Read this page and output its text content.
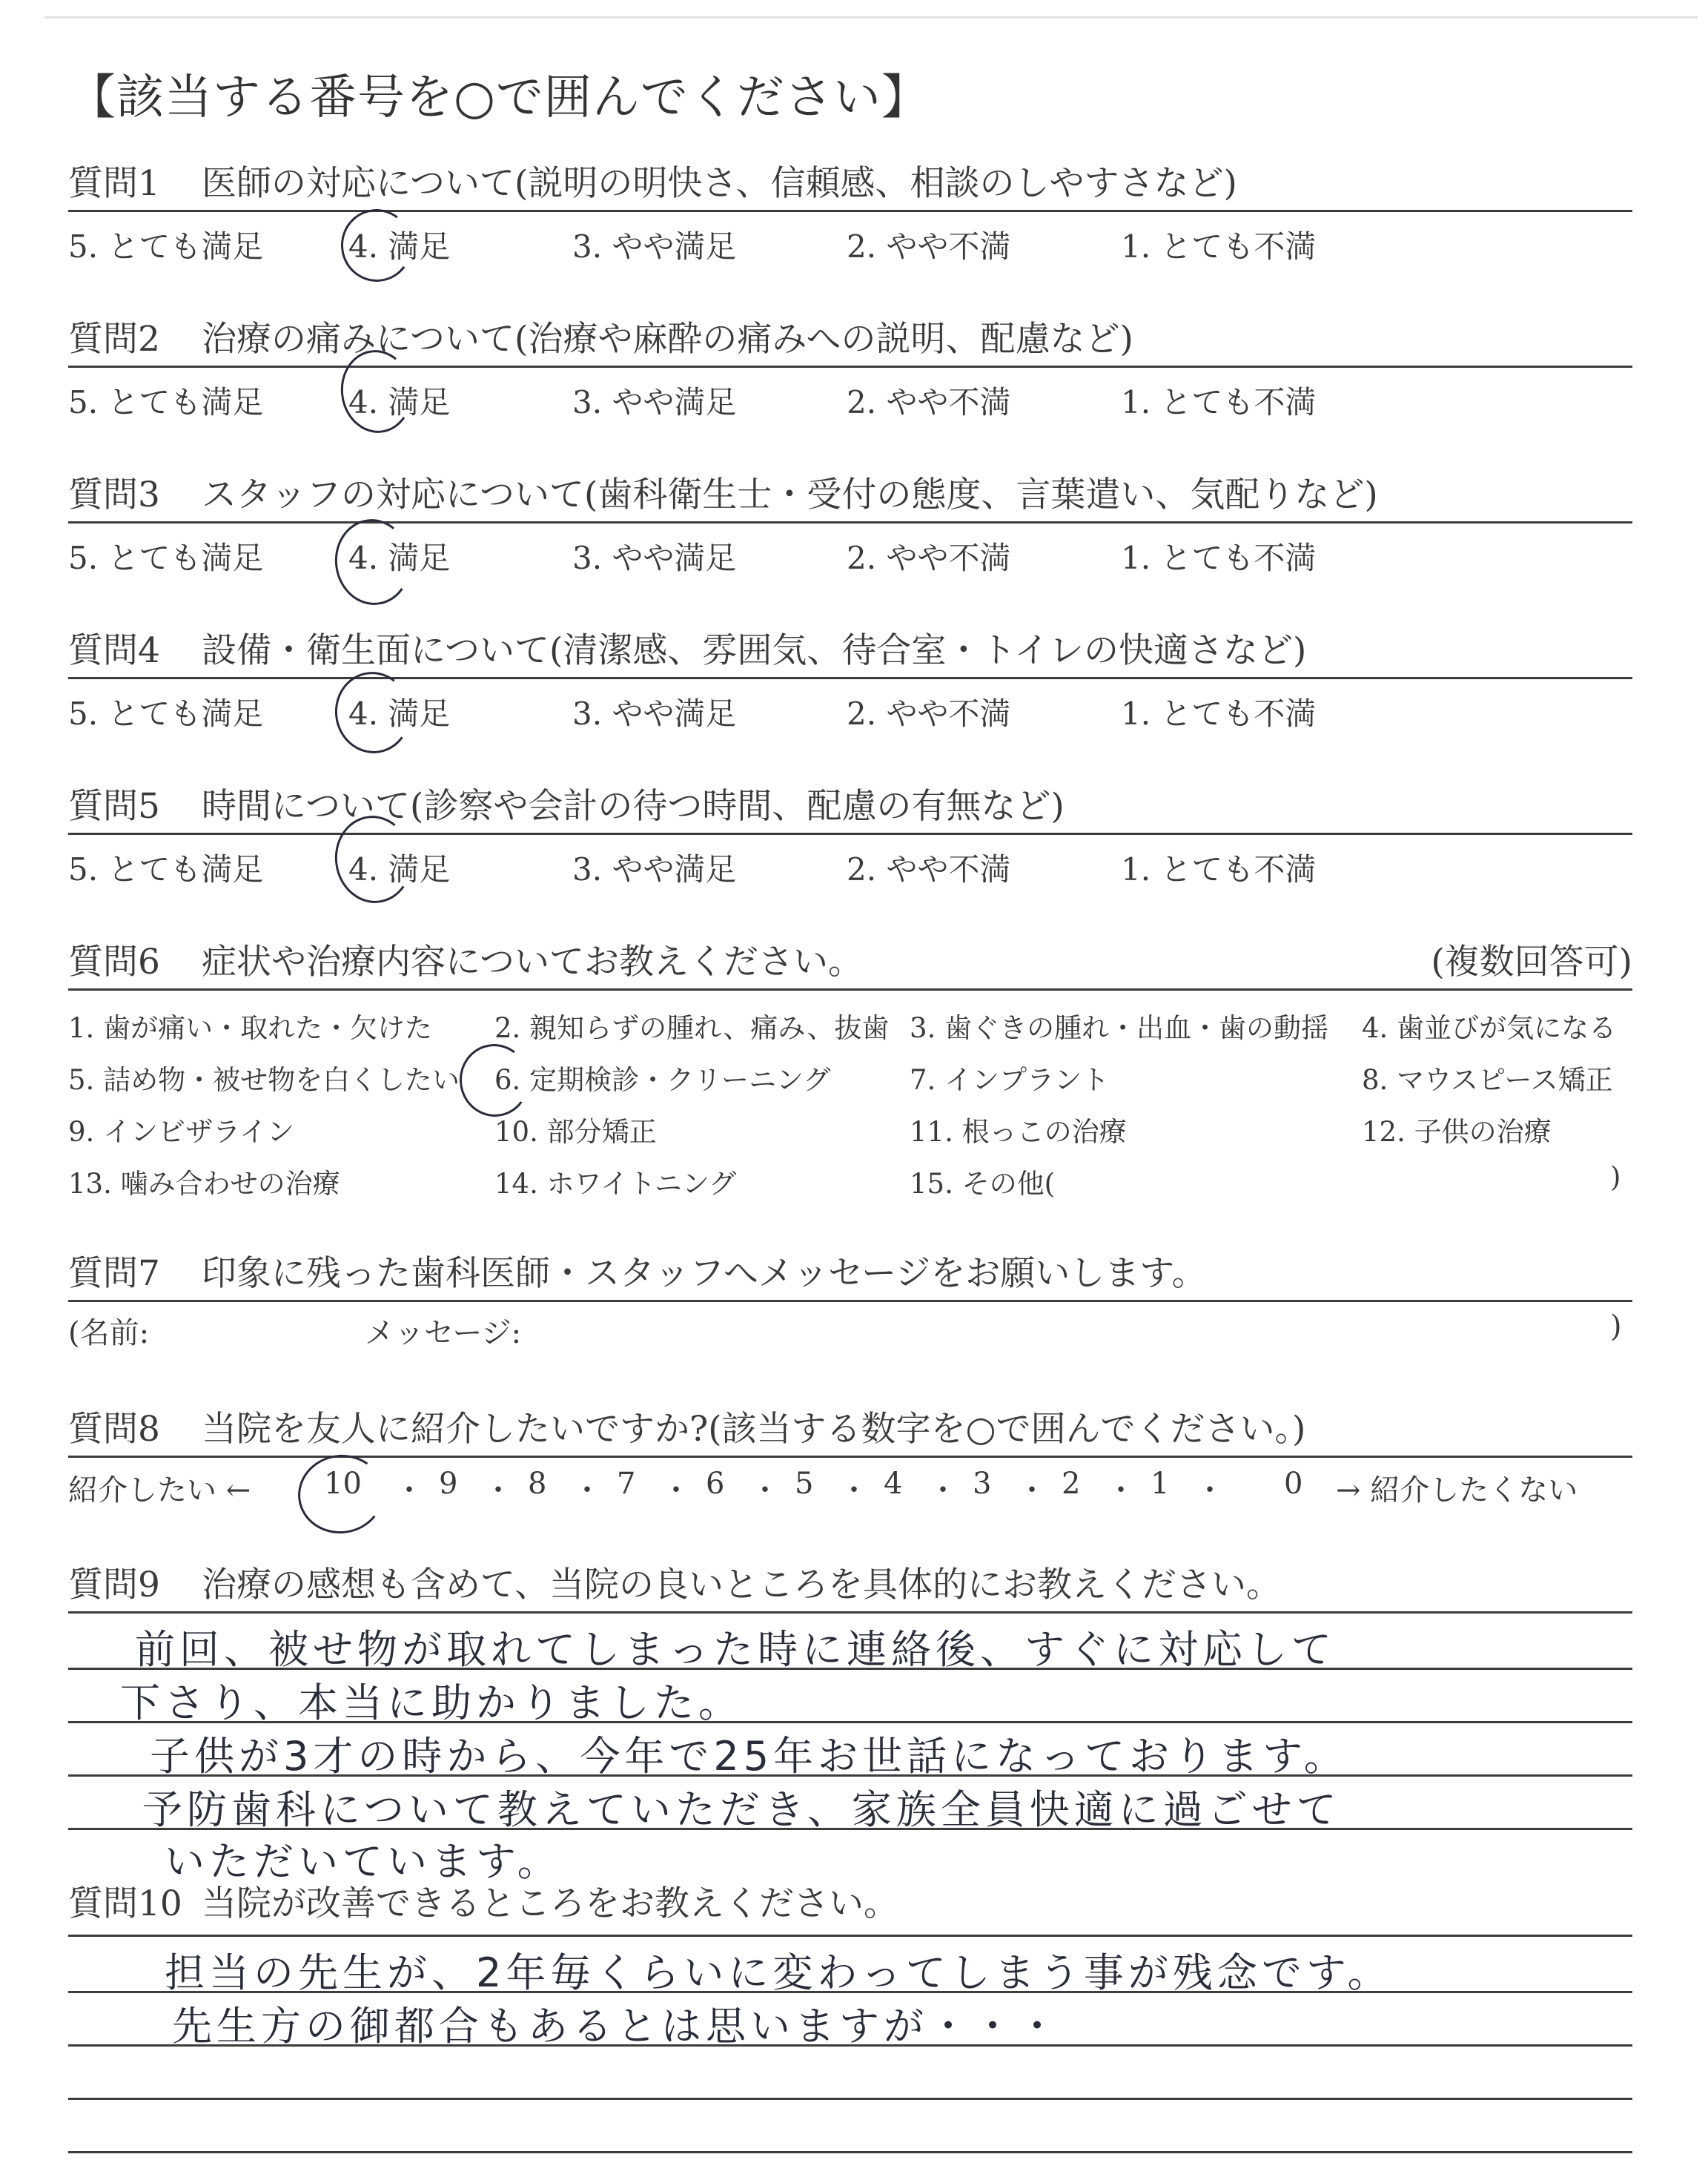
【該当する番号を○で囲んでください】
質問1 医師の対応について(説明の明快さ、信頼感、相談のしやすさなど)
5. とても満足	4. 満足	3. やや満足	2. やや不満	1. とても不満
質問2 治療の痛みについて(治療や麻酔の痛みへの説明、配慮など)
5. とても満足	4. 満足	3. やや満足	2. やや不満	1. とても不満
質問3 スタッフの対応について(歯科衛生士・受付の態度、言葉遣い、気配りなど)
5. とても満足	4. 満足	3. やや満足	2. やや不満	1. とても不満
質問4 設備・衛生面について(清潔感、雰囲気、待合室・トイレの快適さなど)
5. とても満足	4. 満足	3. やや満足	2. やや不満	1. とても不満
質問5 時間について(診察や会計の待つ時間、配慮の有無など)
5. とても満足	4. 満足	3. やや満足	2. やや不満	1. とても不満
質問6 症状や治療内容についてお教えください。	(複数回答可)
1. 歯が痛い・取れた・欠けた 2. 親知らずの腫れ、痛み、抜歯 3. 歯ぐきの腫れ・出血・歯の動揺 4. 歯並びが気になる
5. 詰め物・被せ物を白くしたい 6. 定期検診・クリーニング	7. インプラント	8. マウスピース矯正
9. インビザライン	10. 部分矯正	11. 根っこの治療	12. 子供の治療
13. 噛み合わせの治療	14. ホワイトニング	15. その他(	)
質問7 印象に残った歯科医師・スタッフへメッセージをお願いします。
(名前:	メッセージ:	)
質問8 当院を友人に紹介したいですか?(該当する数字を○で囲んでください。)
紹介したい ← 10 ・ 9 ・ 8 ・ 7 ・ 6 ・ 5 ・ 4 ・ 3 ・ 2 ・ 1 ・ 0 → 紹介したくない
質問9 治療の感想も含めて、当院の良いところを具体的にお教えください。
前回、被せ物が取れてしまった時に連絡後、すぐに対応して
下さり、本当に助かりました。
子供が3才の時から、今年で25年お世話になっております。
予防歯科について教えていただき、家族全員快適に過ごせて
いただいています。
質問10 当院が改善できるところをお教えください。
担当の先生が、2年毎くらいに変わってしまう事が残念です。
先生方の御都合もあるとは思いますが・・・
